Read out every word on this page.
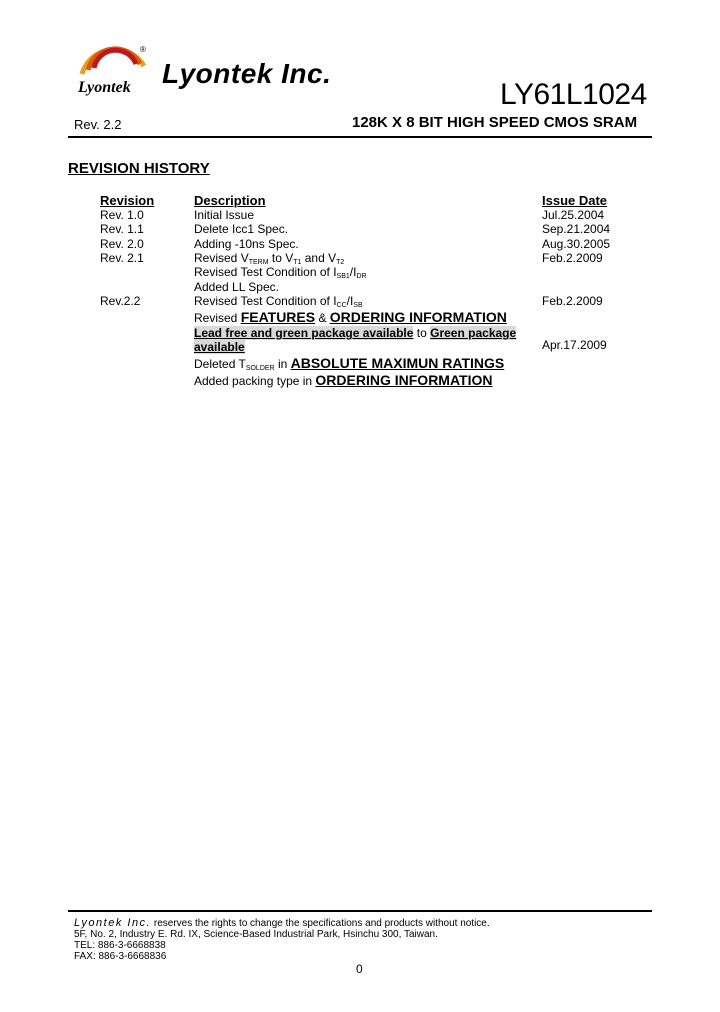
®
Lyontek Lyontek Inc.
LY61L1024
Rev. 2.2	128K X 8 BIT HIGH SPEED CMOS SRAM
REVISION HISTORY
Revision	Description	Issue Date
Rev. 1.0	Initial Issue	Jul.25.2004
Rev. 1.1	Delete Icc1 Spec.	Sep.21.2004
Rev. 2.0	Adding -10ns Spec.	Aug.30.2005
Rev. 2.1	Revised $V_{TERM}$ to $V_{T1}$ and $V_{T2}$	Feb.2.2009
Revised Test Condition of $I_{SB1}/I_{DR}$
Added LL Spec.
Rev.2.2	Revised Test Condition of $I_{CC}/I_{SB}$	Feb.2.2009
Revised FEATURES & ORDERING INFORMATION
Lead free and green package available to Green package
available	Apr.17.2009
Deleted $T_{SOLDER}$ in ABSOLUTE MAXIMUN RATINGS
Added packing type in ORDERING INFORMATION
Lyontek Inc. reserves the rights to change the specifications and products without notice.
5F, No. 2, Industry E. Rd. IX, Science-Based Industrial Park, Hsinchu 300, Taiwan.
TEL: 886-3-6668838
FAX: 886-3-6668836
0
